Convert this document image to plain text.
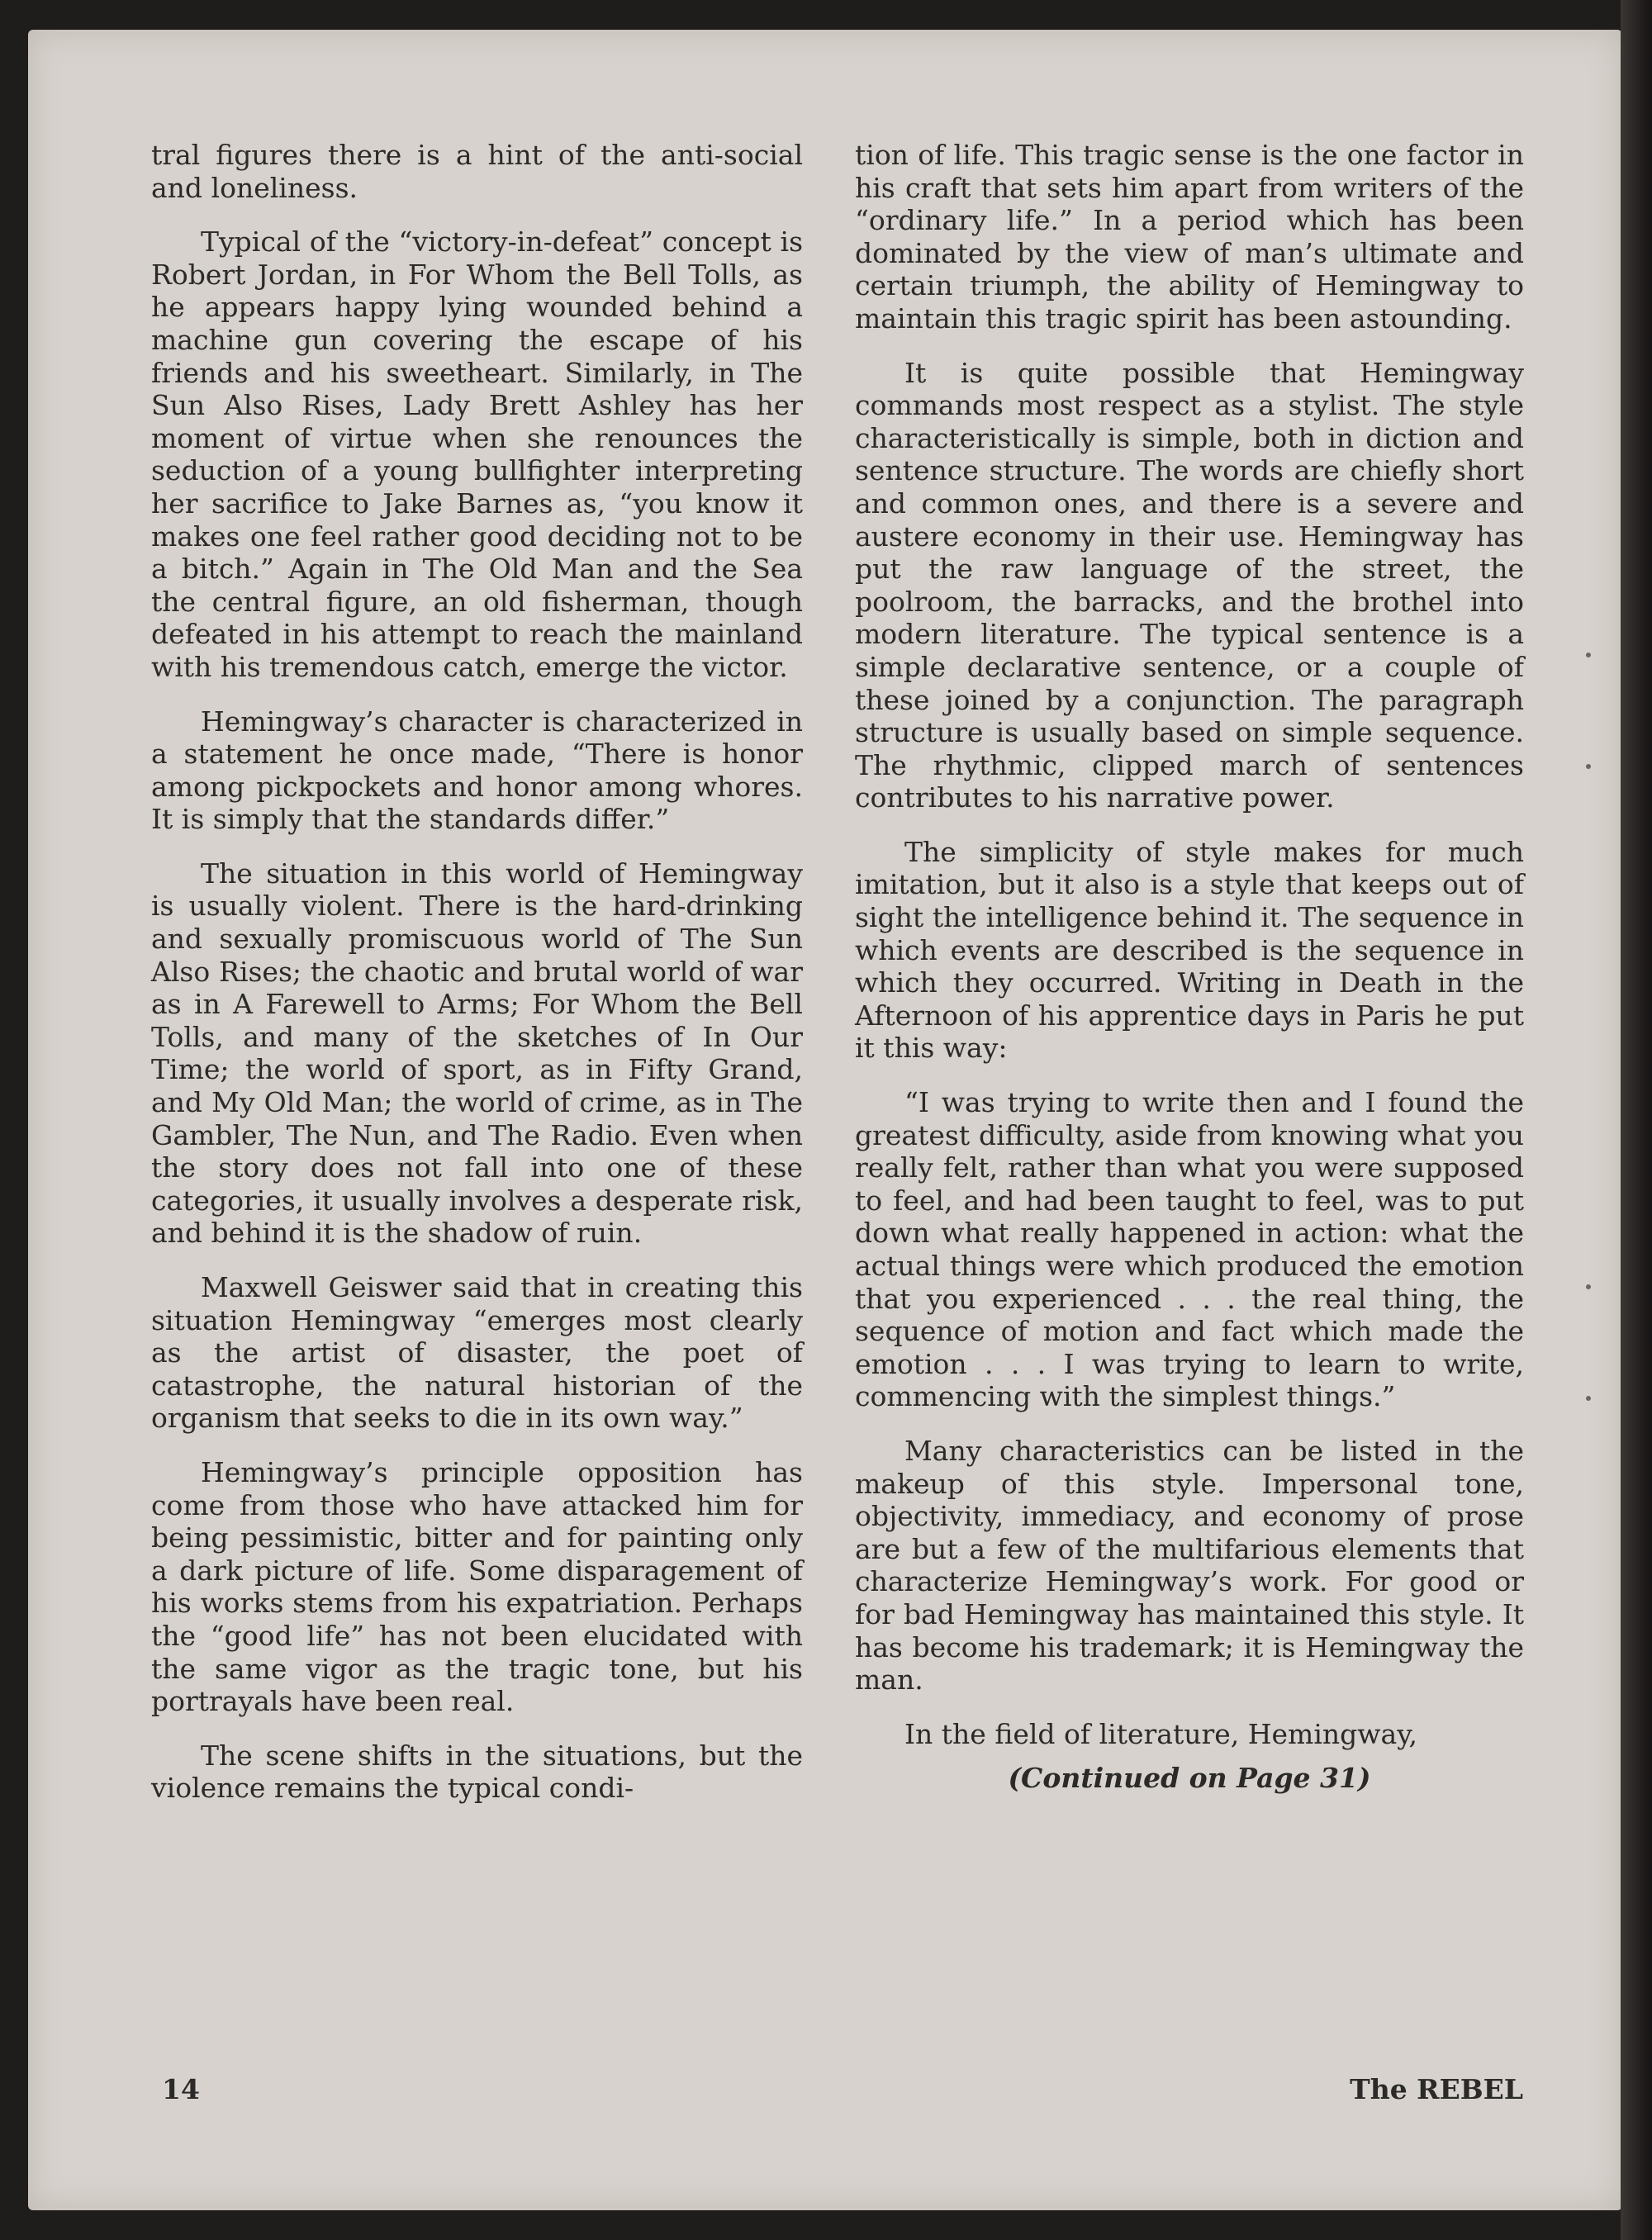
tral figures there is a hint of the anti-social and loneliness.

Typical of the “victory-in-defeat” concept is Robert Jordan, in For Whom the Bell Tolls, as he appears happy lying wounded behind a machine gun covering the escape of his friends and his sweetheart. Similarly, in The Sun Also Rises, Lady Brett Ashley has her moment of virtue when she renounces the seduction of a young bullfighter interpreting her sacrifice to Jake Barnes as, “you know it makes one feel rather good deciding not to be a bitch.” Again in The Old Man and the Sea the central figure, an old fisherman, though defeated in his attempt to reach the mainland with his tremendous catch, emerge the victor.

Hemingway’s character is characterized in a statement he once made, “There is honor among pickpockets and honor among whores. It is simply that the standards differ.”

The situation in this world of Hemingway is usually violent. There is the hard-drinking and sexually promiscuous world of The Sun Also Rises; the chaotic and brutal world of war as in A Farewell to Arms; For Whom the Bell Tolls, and many of the sketches of In Our Time; the world of sport, as in Fifty Grand, and My Old Man; the world of crime, as in The Gambler, The Nun, and The Radio. Even when the story does not fall into one of these categories, it usually involves a desperate risk, and behind it is the shadow of ruin.

Maxwell Geiswer said that in creating this situation Hemingway “emerges most clearly as the artist of disaster, the poet of catastrophe, the natural historian of the organism that seeks to die in its own way.”

Hemingway’s principle opposition has come from those who have attacked him for being pessimistic, bitter and for painting only a dark picture of life. Some disparagement of his works stems from his expatriation. Perhaps the “good life” has not been elucidated with the same vigor as the tragic tone, but his portrayals have been real.

The scene shifts in the situations, but the violence remains the typical condi-

tion of life. This tragic sense is the one factor in his craft that sets him apart from writers of the “ordinary life.” In a period which has been dominated by the view of man’s ultimate and certain triumph, the ability of Hemingway to maintain this tragic spirit has been astounding.

It is quite possible that Hemingway commands most respect as a stylist. The style characteristically is simple, both in diction and sentence structure. The words are chiefly short and common ones, and there is a severe and austere economy in their use. Hemingway has put the raw language of the street, the poolroom, the barracks, and the brothel into modern literature. The typical sentence is a simple declarative sentence, or a couple of these joined by a conjunction. The paragraph structure is usually based on simple sequence. The rhythmic, clipped march of sentences contributes to his narrative power.

The simplicity of style makes for much imitation, but it also is a style that keeps out of sight the intelligence behind it. The sequence in which events are described is the sequence in which they occurred. Writing in Death in the Afternoon of his apprentice days in Paris he put it this way:

“I was trying to write then and I found the greatest difficulty, aside from knowing what you really felt, rather than what you were supposed to feel, and had been taught to feel, was to put down what really happened in action: what the actual things were which produced the emotion that you experienced . . . the real thing, the sequence of motion and fact which made the emotion . . . I was trying to learn to write, commencing with the simplest things.”

Many characteristics can be listed in the makeup of this style. Impersonal tone, objectivity, immediacy, and economy of prose are but a few of the multifarious elements that characterize Hemingway’s work. For good or for bad Hemingway has maintained this style. It has become his trademark; it is Hemingway the man.

In the field of literature, Hemingway,

(Continued on Page 31)

14	The REBEL
